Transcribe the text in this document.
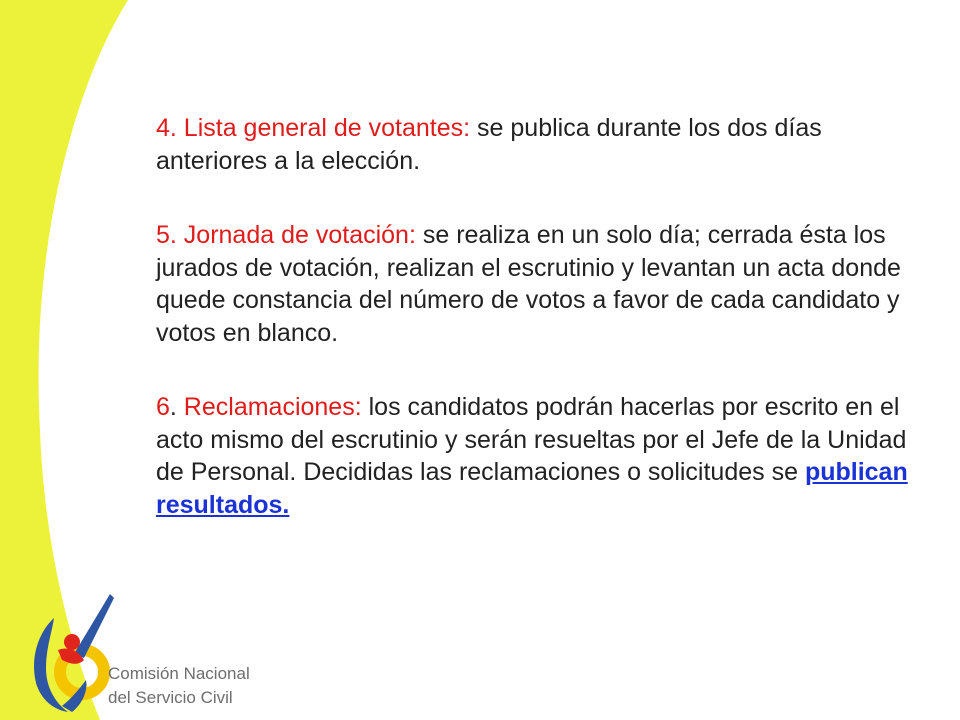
4. Lista general de votantes: se publica durante los dos días anteriores a la elección.

5. Jornada de votación: se realiza en un solo día; cerrada ésta los jurados de votación, realizan el escrutinio y levantan un acta donde quede constancia del número de votos a favor de cada candidato y votos en blanco.

6. Reclamaciones: los candidatos podrán hacerlas por escrito en el acto mismo del escrutinio y serán resueltas por el Jefe de la Unidad de Personal. Decididas las reclamaciones o solicitudes se publican resultados.

Comisión Nacional
del Servicio Civil
